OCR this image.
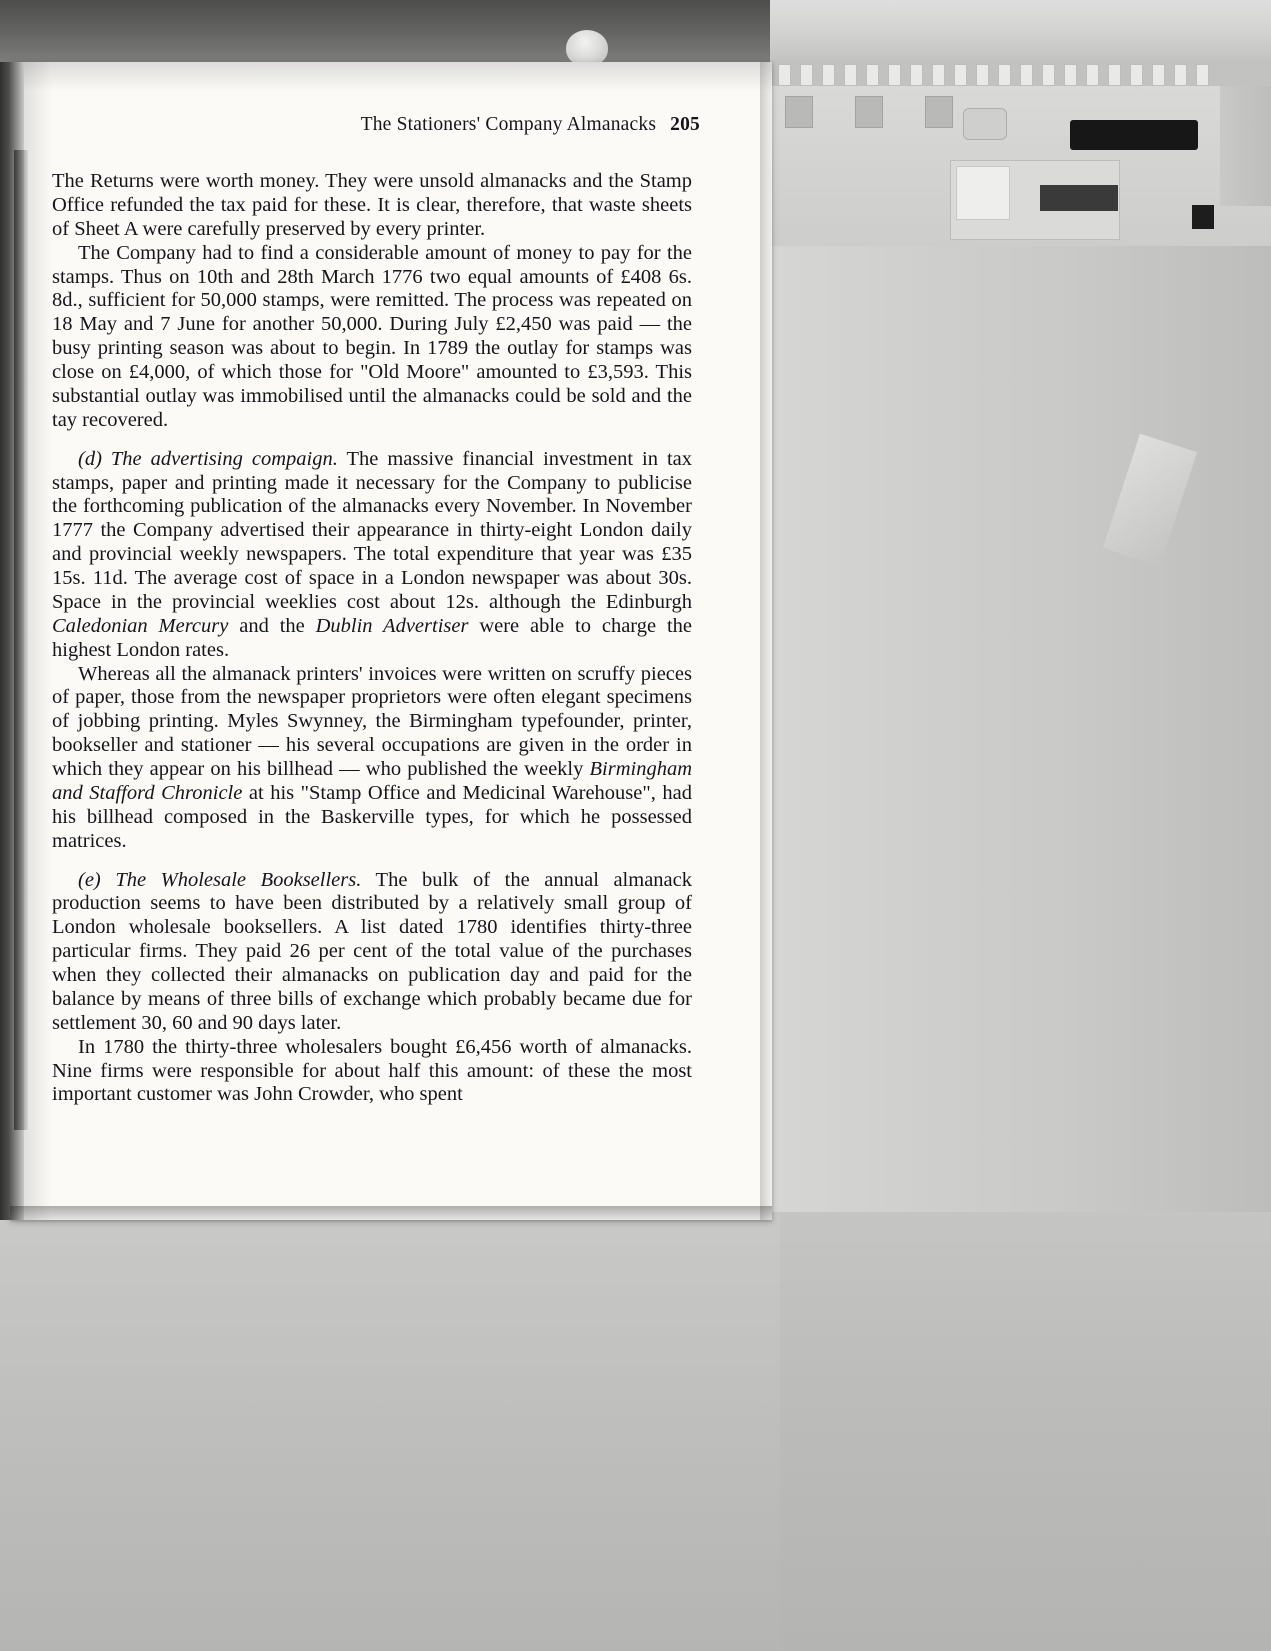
The Stationers' Company Almanacks 205

The Returns were worth money. They were unsold almanacks and the Stamp Office refunded the tax paid for these. It is clear, therefore, that waste sheets of Sheet A were carefully preserved by every printer.

The Company had to find a considerable amount of money to pay for the stamps. Thus on 10th and 28th March 1776 two equal amounts of £408 6s. 8d., sufficient for 50,000 stamps, were remitted. The process was repeated on 18 May and 7 June for another 50,000. During July £2,450 was paid — the busy printing season was about to begin. In 1789 the outlay for stamps was close on £4,000, of which those for "Old Moore" amounted to £3,593. This substantial outlay was immobilised until the almanacks could be sold and the tay recovered.

(d) The advertising compaign. The massive financial investment in tax stamps, paper and printing made it necessary for the Company to publicise the forthcoming publication of the almanacks every November. In November 1777 the Company advertised their appearance in thirty-eight London daily and provincial weekly newspapers. The total expenditure that year was £35 15s. 11d. The average cost of space in a London newspaper was about 30s. Space in the provincial weeklies cost about 12s. although the Edinburgh Caledonian Mercury and the Dublin Advertiser were able to charge the highest London rates.

Whereas all the almanack printers' invoices were written on scruffy pieces of paper, those from the newspaper proprietors were often elegant specimens of jobbing printing. Myles Swynney, the Birmingham typefounder, printer, bookseller and stationer — his several occupations are given in the order in which they appear on his billhead — who published the weekly Birmingham and Stafford Chronicle at his "Stamp Office and Medicinal Warehouse", had his billhead composed in the Baskerville types, for which he possessed matrices.

(e) The Wholesale Booksellers. The bulk of the annual almanack production seems to have been distributed by a relatively small group of London wholesale booksellers. A list dated 1780 identifies thirty-three particular firms. They paid 26 per cent of the total value of the purchases when they collected their almanacks on publication day and paid for the balance by means of three bills of exchange which probably became due for settlement 30, 60 and 90 days later.

In 1780 the thirty-three wholesalers bought £6,456 worth of almanacks. Nine firms were responsible for about half this amount: of these the most important customer was John Crowder, who spent
